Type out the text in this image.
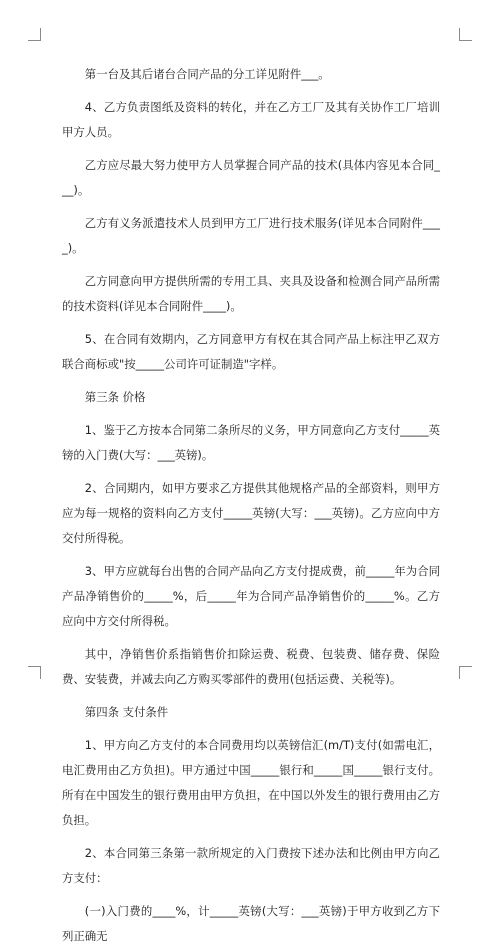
第一台及其后诸台合同产品的分工详见附件___。

4、乙方负责图纸及资料的转化，并在乙方工厂及其有关协作工厂培训甲方人员。

乙方应尽最大努力使甲方人员掌握合同产品的技术(具体内容见本合同___)。

乙方有义务派遣技术人员到甲方工厂进行技术服务(详见本合同附件____)。

乙方同意向甲方提供所需的专用工具、夹具及设备和检测合同产品所需的技术资料(详见本合同附件____)。

5、在合同有效期内，乙方同意甲方有权在其合同产品上标注甲乙双方联合商标或"按_____公司许可证制造"字样。

第三条 价格

1、鉴于乙方按本合同第二条所尽的义务，甲方同意向乙方支付_____英镑的入门费(大写：___英镑)。

2、合同期内，如甲方要求乙方提供其他规格产品的全部资料，则甲方应为每一规格的资料向乙方支付_____英镑(大写：___英镑)。乙方应向中方交付所得税。

3、甲方应就每台出售的合同产品向乙方支付提成费，前_____年为合同产品净销售价的_____%，后_____年为合同产品净销售价的_____%。乙方应向中方交付所得税。

其中，净销售价系指销售价扣除运费、税费、包装费、储存费、保险费、安装费，并减去向乙方购买零部件的费用(包括运费、关税等)。

第四条 支付条件

1、甲方向乙方支付的本合同费用均以英镑信汇(m/T)支付(如需电汇，电汇费用由乙方负担)。甲方通过中国_____银行和_____国_____银行支付。所有在中国发生的银行费用由甲方负担，在中国以外发生的银行费用由乙方负担。

2、本合同第三条第一款所规定的入门费按下述办法和比例由甲方向乙方支付：

(一)入门费的____%，计_____英镑(大写：___英镑)于甲方收到乙方下列正确无
